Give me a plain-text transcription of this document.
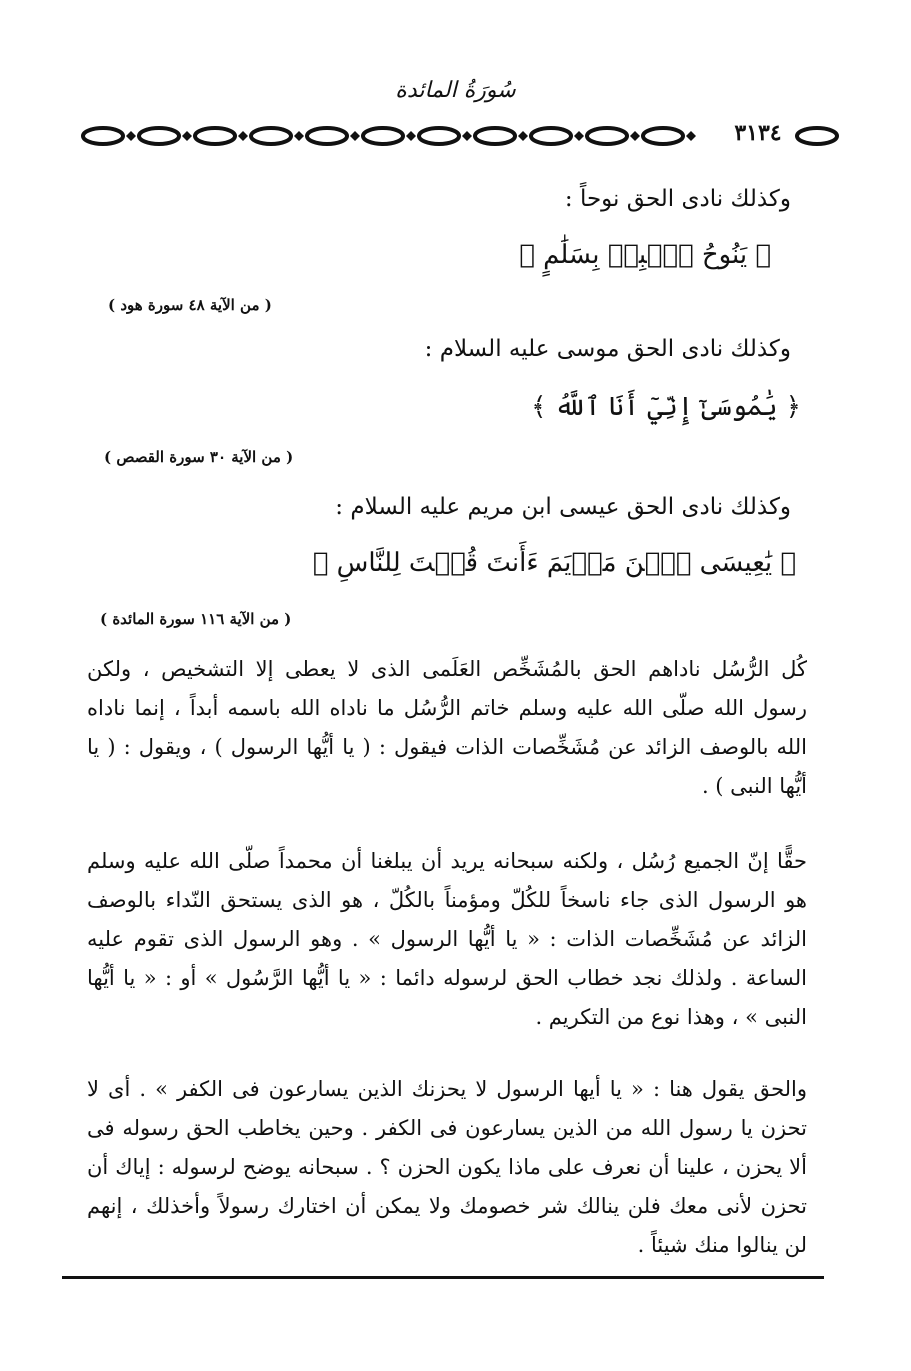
سُورَةُ المائدة
٣١٣٤
وكذلك نادى الحق نوحاً :
﴿ يَنُوحُ ٱهۡبِطۡ بِسَلَٰمٍ ﴾
( من الآية ٤٨ سورة هود )
وكذلك نادى الحق موسى عليه السلام :
﴿ يَٰمُوسَىٰٓ إِنِّيٓ أَنَا ٱللَّهُ ﴾
( من الآية ٣٠ سورة القصص )
وكذلك نادى الحق عيسى ابن مريم عليه السلام :
﴿ يَٰعِيسَى ٱبۡنَ مَرۡيَمَ ءَأَنتَ قُلۡتَ لِلنَّاسِ ﴾
( من الآية ١١٦ سورة المائدة )
كُل الرُّسُل ناداهم الحق بالمُشَخِّص العَلَمى الذى لا يعطى إلا التشخيص ، ولكن رسول الله صلّى الله عليه وسلم خاتم الرُّسُل ما ناداه الله باسمه أبداً ، إنما ناداه الله بالوصف الزائد عن مُشَخِّصات الذات فيقول : ( يا أيُّها الرسول ) ، ويقول : ( يا أيُّها النبى ) .
حقًّا إنّ الجميع رُسُل ، ولكنه سبحانه يريد أن يبلغنا أن محمداً صلّى الله عليه وسلم هو الرسول الذى جاء ناسخاً للكُلّ ومؤمناً بالكُلّ ، هو الذى يستحق النّداء بالوصف الزائد عن مُشَخِّصات الذات : « يا أيُّها الرسول » . وهو الرسول الذى تقوم عليه الساعة . ولذلك نجد خطاب الحق لرسوله دائما : « يا أيُّها الرَّسُول » أو : « يا أيُّها النبى » ، وهذا نوع من التكريم .
والحق يقول هنا : « يا أيها الرسول لا يحزنك الذين يسارعون فى الكفر » . أى لا تحزن يا رسول الله من الذين يسارعون فى الكفر . وحين يخاطب الحق رسوله فى ألا يحزن ، علينا أن نعرف على ماذا يكون الحزن ؟ . سبحانه يوضح لرسوله : إياك أن تحزن لأنى معك فلن ينالك شر خصومك ولا يمكن أن اختارك رسولاً وأخذلك ، إنهم لن ينالوا منك شيئاً .
